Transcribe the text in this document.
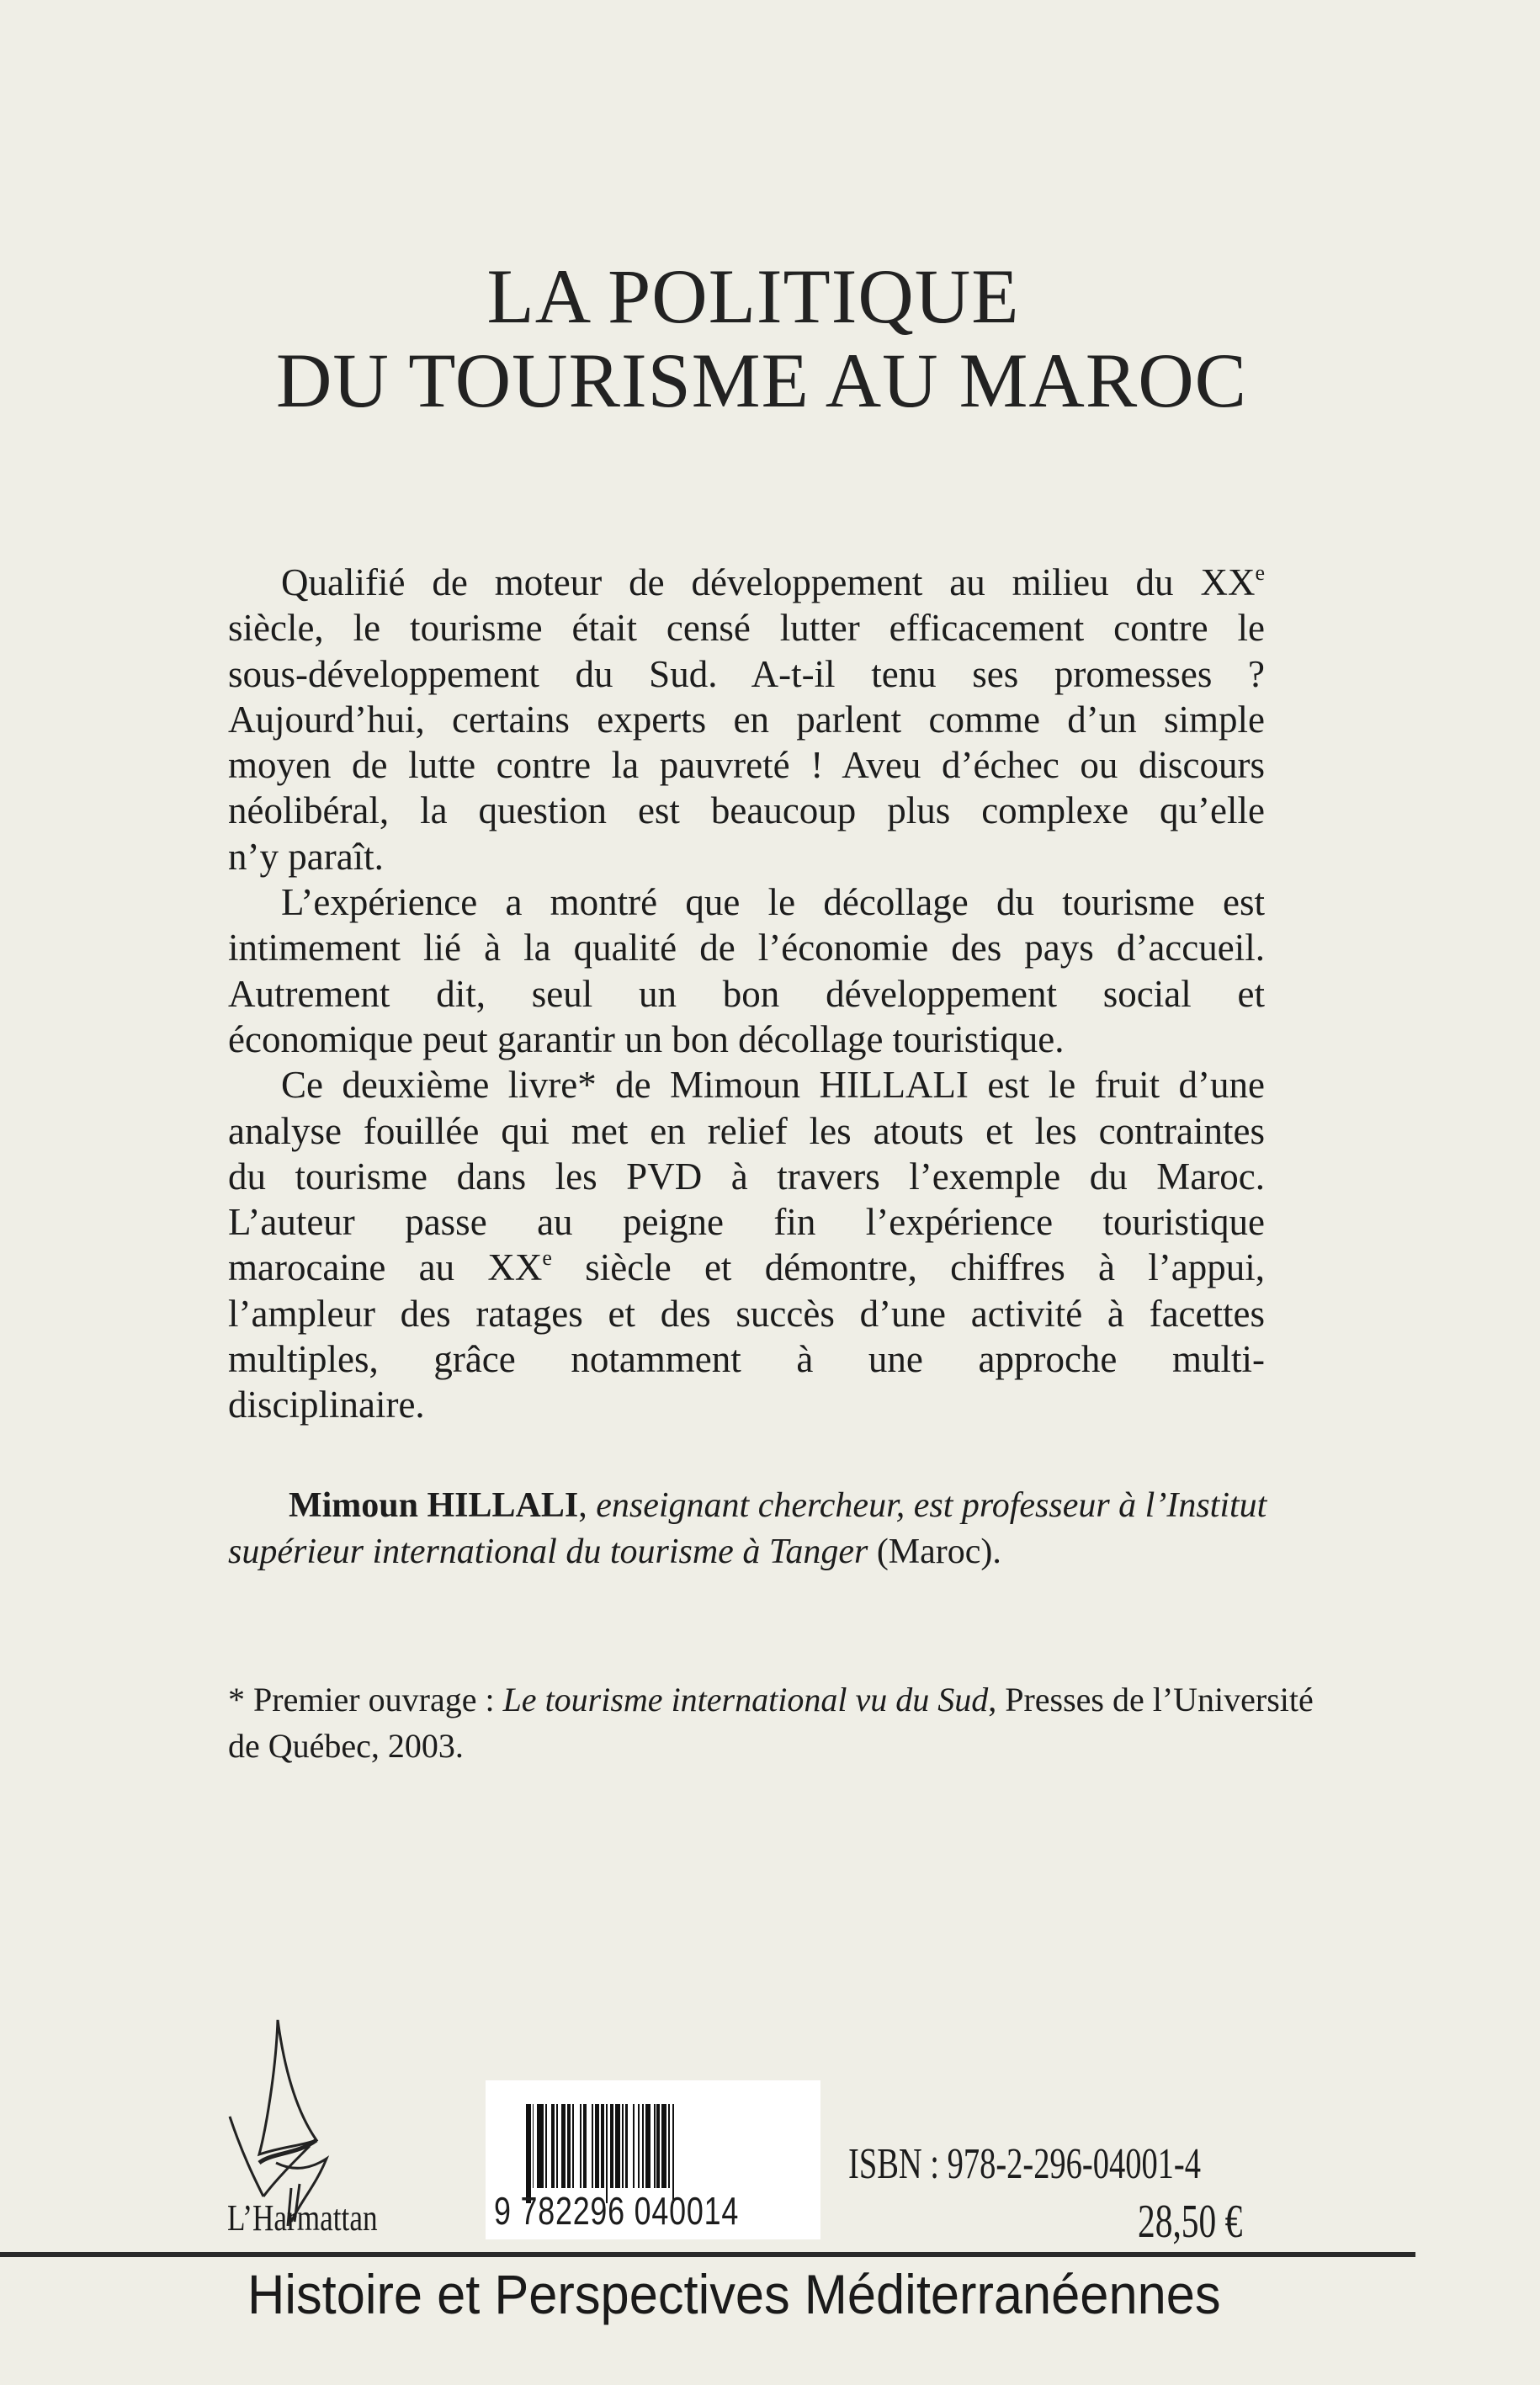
LA POLITIQUE
DU TOURISME AU MAROC
Qualifié de moteur de développement au milieu du XXe
siècle, le tourisme était censé lutter efficacement contre le
sous-développement du Sud. A-t-il tenu ses promesses ?
Aujourd’hui, certains experts en parlent comme d’un simple
moyen de lutte contre la pauvreté ! Aveu d’échec ou discours
néolibéral, la question est beaucoup plus complexe qu’elle
n’y paraît.
L’expérience a montré que le décollage du tourisme est
intimement lié à la qualité de l’économie des pays d’accueil.
Autrement dit, seul un bon développement social et
économique peut garantir un bon décollage touristique.
Ce deuxième livre* de Mimoun HILLALI est le fruit d’une
analyse fouillée qui met en relief les atouts et les contraintes
du tourisme dans les PVD à travers l’exemple du Maroc.
L’auteur passe au peigne fin l’expérience touristique
marocaine au XXe siècle et démontre, chiffres à l’appui,
l’ampleur des ratages et des succès d’une activité à facettes
multiples, grâce notamment à une approche multi-
disciplinaire.
Mimoun HILLALI, enseignant chercheur, est professeur à l’Institut
supérieur international du tourisme à Tanger (Maroc).
* Premier ouvrage : Le tourisme international vu du Sud, Presses de l’Université
de Québec, 2003.
L’Harmattan	9 782296 040014
ISBN : 978-2-296-04001-4
28,50 €
Histoire et Perspectives Méditerranéennes
